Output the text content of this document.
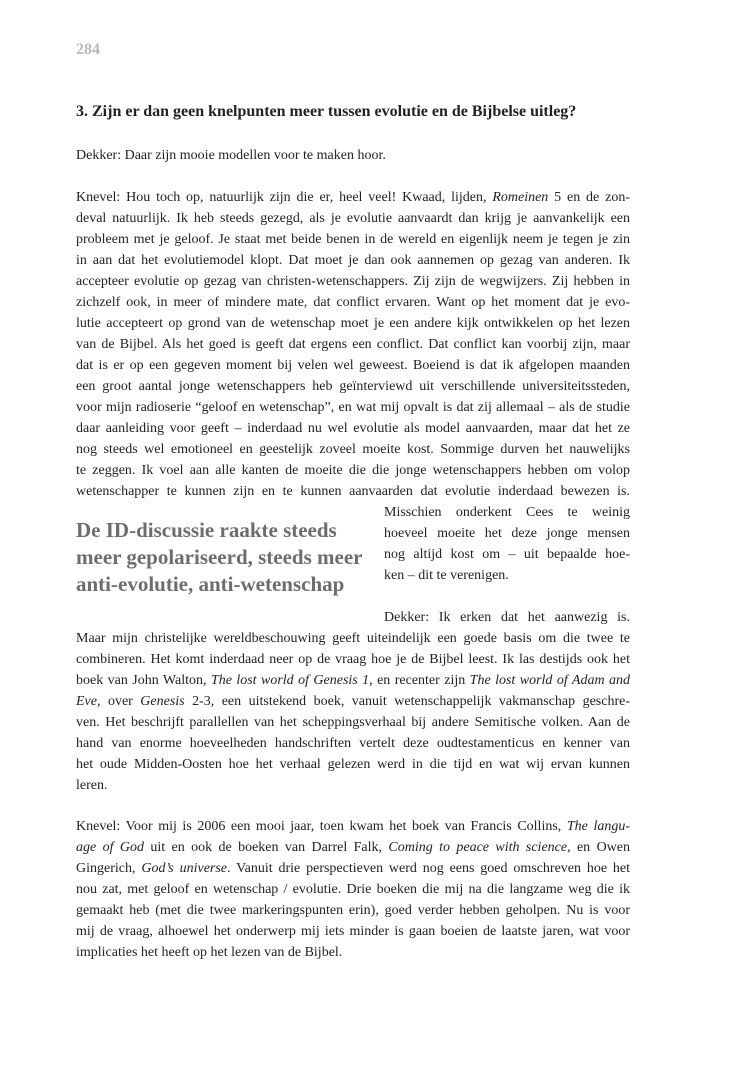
284
3. Zijn er dan geen knelpunten meer tussen evolutie en de Bijbelse uitleg?
Dekker: Daar zijn mooie modellen voor te maken hoor.
Knevel: Hou toch op, natuurlijk zijn die er, heel veel! Kwaad, lijden, Romeinen 5 en de zon-
deval natuurlijk. Ik heb steeds gezegd, als je evolutie aanvaardt dan krijg je aanvankelijk een
probleem met je geloof. Je staat met beide benen in de wereld en eigenlijk neem je tegen je zin
in aan dat het evolutiemodel klopt. Dat moet je dan ook aannemen op gezag van anderen. Ik
accepteer evolutie op gezag van christen-wetenschappers. Zij zijn de wegwijzers. Zij hebben in
zichzelf ook, in meer of mindere mate, dat conflict ervaren. Want op het moment dat je evo-
lutie accepteert op grond van de wetenschap moet je een andere kijk ontwikkelen op het lezen
van de Bijbel. Als het goed is geeft dat ergens een conflict. Dat conflict kan voorbij zijn, maar
dat is er op een gegeven moment bij velen wel geweest. Boeiend is dat ik afgelopen maanden
een groot aantal jonge wetenschappers heb geïnterviewd uit verschillende universiteitssteden,
voor mijn radioserie “geloof en wetenschap”, en wat mij opvalt is dat zij allemaal – als de studie
daar aanleiding voor geeft – inderdaad nu wel evolutie als model aanvaarden, maar dat het ze
nog steeds wel emotioneel en geestelijk zoveel moeite kost. Sommige durven het nauwelijks
te zeggen. Ik voel aan alle kanten de moeite die die jonge wetenschappers hebben om volop
wetenschapper te kunnen zijn en te kunnen aanvaarden dat evolutie inderdaad bewezen is.
Misschien onderkent Cees te weinig
hoeveel moeite het deze jonge mensen
nog altijd kost om – uit bepaalde hoe-
ken – dit te verenigen.
De ID-discussie raakte steeds
meer gepolariseerd, steeds meer
anti-evolutie, anti-wetenschap
Dekker: Ik erken dat het aanwezig is.
Maar mijn christelijke wereldbeschouwing geeft uiteindelijk een goede basis om die twee te
combineren. Het komt inderdaad neer op de vraag hoe je de Bijbel leest. Ik las destijds ook het
boek van John Walton, The lost world of Genesis 1, en recenter zijn The lost world of Adam and
Eve, over Genesis 2-3, een uitstekend boek, vanuit wetenschappelijk vakmanschap geschre-
ven. Het beschrijft parallellen van het scheppingsverhaal bij andere Semitische volken. Aan de
hand van enorme hoeveelheden handschriften vertelt deze oudtestamenticus en kenner van
het oude Midden-Oosten hoe het verhaal gelezen werd in die tijd en wat wij ervan kunnen
leren.
Knevel: Voor mij is 2006 een mooi jaar, toen kwam het boek van Francis Collins, The langu-
age of God uit en ook de boeken van Darrel Falk, Coming to peace with science, en Owen
Gingerich, God’s universe. Vanuit drie perspectieven werd nog eens goed omschreven hoe het
nou zat, met geloof en wetenschap / evolutie. Drie boeken die mij na die langzame weg die ik
gemaakt heb (met die twee markeringspunten erin), goed verder hebben geholpen. Nu is voor
mij de vraag, alhoewel het onderwerp mij iets minder is gaan boeien de laatste jaren, wat voor
implicaties het heeft op het lezen van de Bijbel.
